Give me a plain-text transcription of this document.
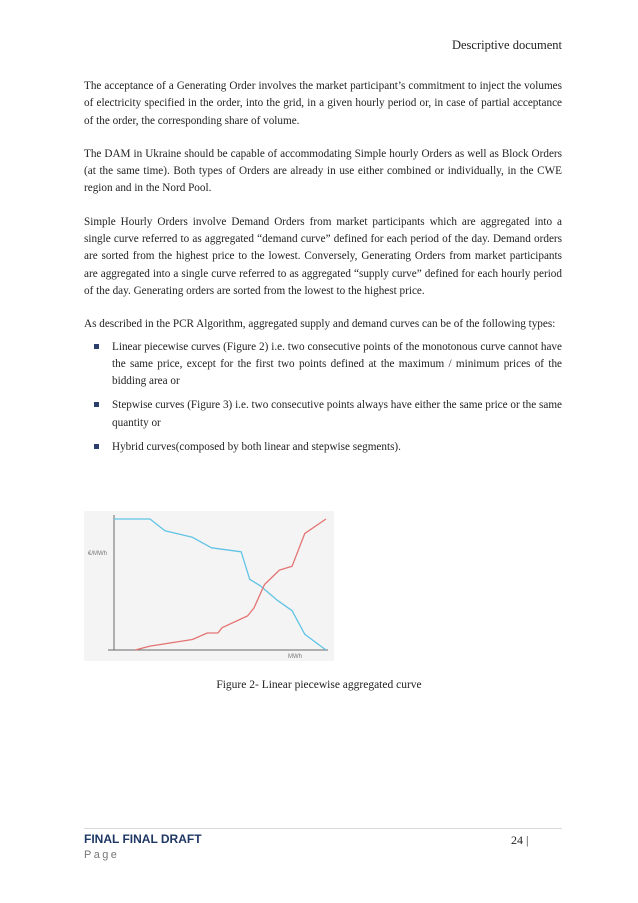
Descriptive document

The acceptance of a Generating Order involves the market participant’s commitment to inject the volumes of electricity specified in the order, into the grid, in a given hourly period or, in case of partial acceptance of the order, the corresponding share of volume.

The DAM in Ukraine should be capable of accommodating Simple hourly Orders as well as Block Orders (at the same time). Both types of Orders are already in use either combined or individually, in the CWE region and in the Nord Pool.

Simple Hourly Orders involve Demand Orders from market participants which are aggregated into a single curve referred to as aggregated “demand curve” defined for each period of the day. Demand orders are sorted from the highest price to the lowest. Conversely, Generating Orders from market participants are aggregated into a single curve referred to as aggregated “supply curve” defined for each hourly period of the day. Generating orders are sorted from the lowest to the highest price.

As described in the PCR Algorithm, aggregated supply and demand curves can be of the following types:

Linear piecewise curves (Figure 2) i.e. two consecutive points of the monotonous curve cannot have the same price, except for the first two points defined at the maximum / minimum prices of the bidding area or
Stepwise curves (Figure 3) i.e. two consecutive points always have either the same price or the same quantity or
Hybrid curves(composed by both linear and stepwise segments).
€/MWh
MWh
Figure 2- Linear piecewise aggregated curve
FINAL FINAL DRAFT	24 |
Page
